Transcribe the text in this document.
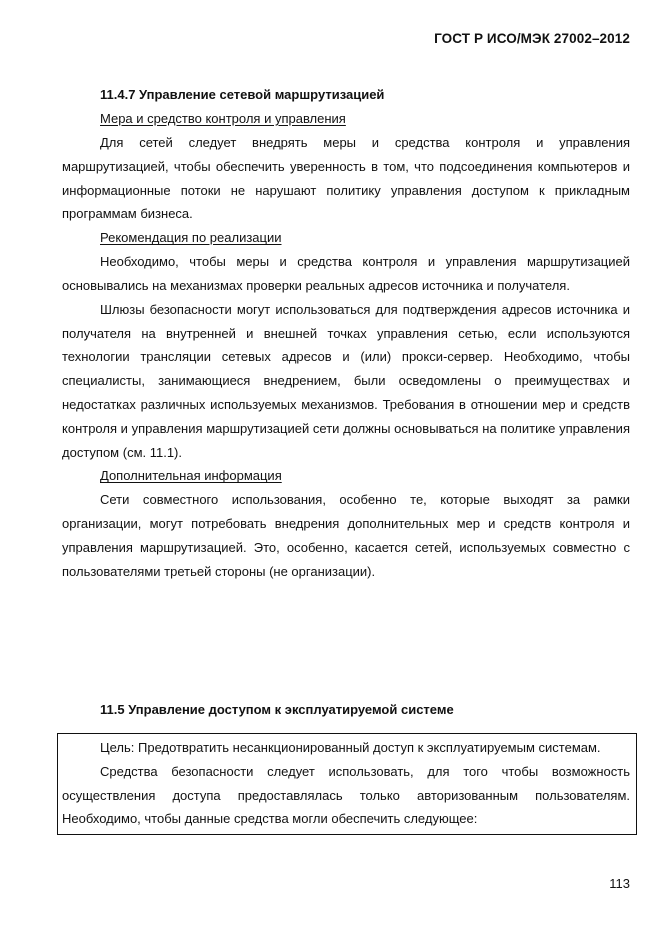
ГОСТ Р ИСО/МЭК 27002–2012
11.4.7 Управление сетевой маршрутизацией
Мера и средство контроля и управления

Для сетей следует внедрять меры и средства контроля и управления маршрутизацией, чтобы обеспечить уверенность в том, что подсоединения компьютеров и информационные потоки не нарушают политику управления доступом к прикладным программам бизнеса.

Рекомендация по реализации

Необходимо, чтобы меры и средства контроля и управления маршрутизацией основывались на механизмах проверки реальных адресов источника и получателя.

Шлюзы безопасности могут использоваться для подтверждения адресов источника и получателя на внутренней и внешней точках управления сетью, если используются технологии трансляции сетевых адресов и (или) прокси-сервер. Необходимо, чтобы специалисты, занимающиеся внедрением, были осведомлены о преимуществах и недостатках различных используемых механизмов. Требования в отношении мер и средств контроля и управления маршрутизацией сети должны основываться на политике управления доступом (см. 11.1).

Дополнительная информация

Сети совместного использования, особенно те, которые выходят за рамки организации, могут потребовать внедрения дополнительных мер и средств контроля и управления маршрутизацией. Это, особенно, касается сетей, используемых совместно с пользователями третьей стороны (не организации).

11.5 Управление доступом к эксплуатируемой системе

Цель: Предотвратить несанкционированный доступ к эксплуатируемым системам.

Средства безопасности следует использовать, для того чтобы возможность осуществления доступа предоставлялась только авторизованным пользователям. Необходимо, чтобы данные средства могли обеспечить следующее:

113
